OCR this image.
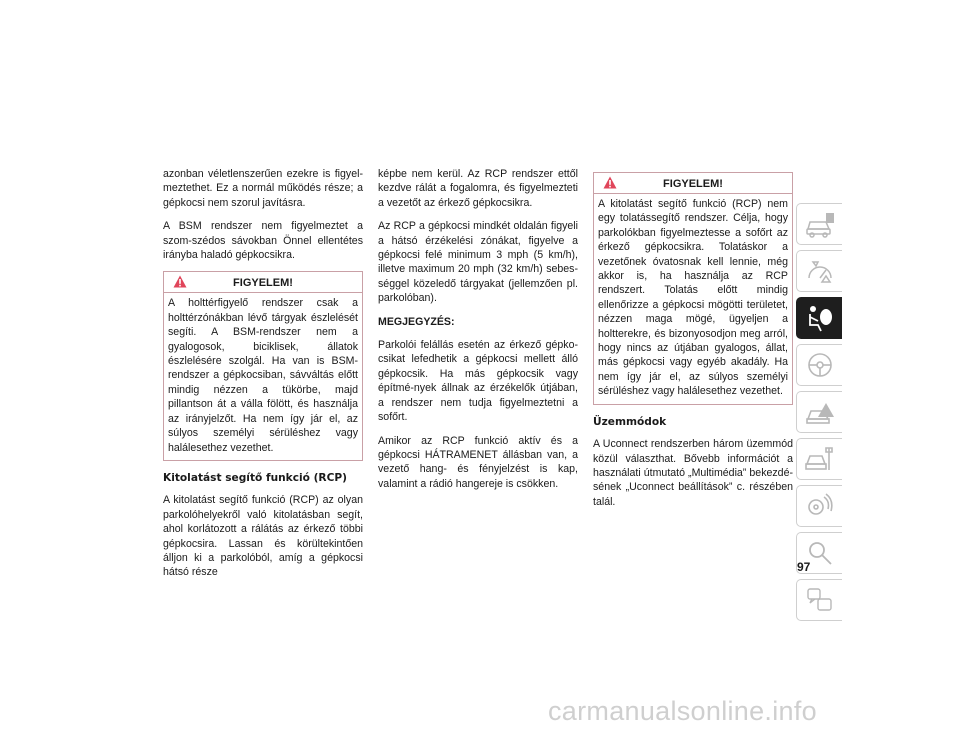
azonban véletlenszerűen ezekre is figyel-meztethet. Ez a normál működés része; a gépkocsi nem szorul javításra.

A BSM rendszer nem figyelmeztet a szom-szédos sávokban Önnel ellentétes irányba haladó gépkocsikra.

FIGYELEM!

A holttérfigyelő rendszer csak a holttérzónákban lévő tárgyak észlelését segíti. A BSM-rendszer nem a gyalogosok, biciklisek, állatok észlelésére szolgál. Ha van is BSM-rendszer a gépkocsiban, sávváltás előtt mindig nézzen a tükörbe, majd pillantson át a válla fölött, és használja az irányjelzőt. Ha nem így jár el, az súlyos személyi sérüléshez vagy halálesethez vezethet.

Kitolatást segítő funkció (RCP)

A kitolatást segítő funkció (RCP) az olyan parkolóhelyekről való kitolatásban segít, ahol korlátozott a rálátás az érkező többi gépkocsira. Lassan és körültekintően álljon ki a parkolóból, amíg a gépkocsi hátsó része

képbe nem kerül. Az RCP rendszer ettől kezdve rálát a fogalomra, és figyelmezteti a vezetőt az érkező gépkocsikra.

Az RCP a gépkocsi mindkét oldalán figyeli a hátsó érzékelési zónákat, figyelve a gépkocsi felé minimum 3 mph (5 km/h), illetve maximum 20 mph (32 km/h) sebes-séggel közeledő tárgyakat (jellemzően pl. parkolóban).

MEGJEGYZÉS:

Parkolói felállás esetén az érkező gépko-csikat lefedhetik a gépkocsi mellett álló gépkocsik. Ha más gépkocsik vagy építmé-nyek állnak az érzékelők útjában, a rendszer nem tudja figyelmeztetni a sofőrt.

Amikor az RCP funkció aktív és a gépkocsi HÁTRAMENET állásban van, a vezető hang- és fényjelzést is kap, valamint a rádió hangereje is csökken.

FIGYELEM!

A kitolatást segítő funkció (RCP) nem egy tolatássegítő rendszer. Célja, hogy parkolókban figyelmeztesse a sofőrt az érkező gépkocsikra. Tolatáskor a vezetőnek óvatosnak kell lennie, még akkor is, ha használja az RCP rendszert. Tolatás előtt mindig ellenőrizze a gépkocsi mögötti területet, nézzen maga mögé, ügyeljen a holtterekre, és bizonyosodjon meg arról, hogy nincs az útjában gyalogos, állat, más gépkocsi vagy egyéb akadály. Ha nem így jár el, az súlyos személyi sérüléshez vagy halálesethez vezethet.

Üzemmódok

A Uconnect rendszerben három üzemmód közül választhat. Bővebb információt a használati útmutató „Multimédia” bekezdé-sének „Uconnect beállítások” c. részében talál.

97
carmanualsonline.info
